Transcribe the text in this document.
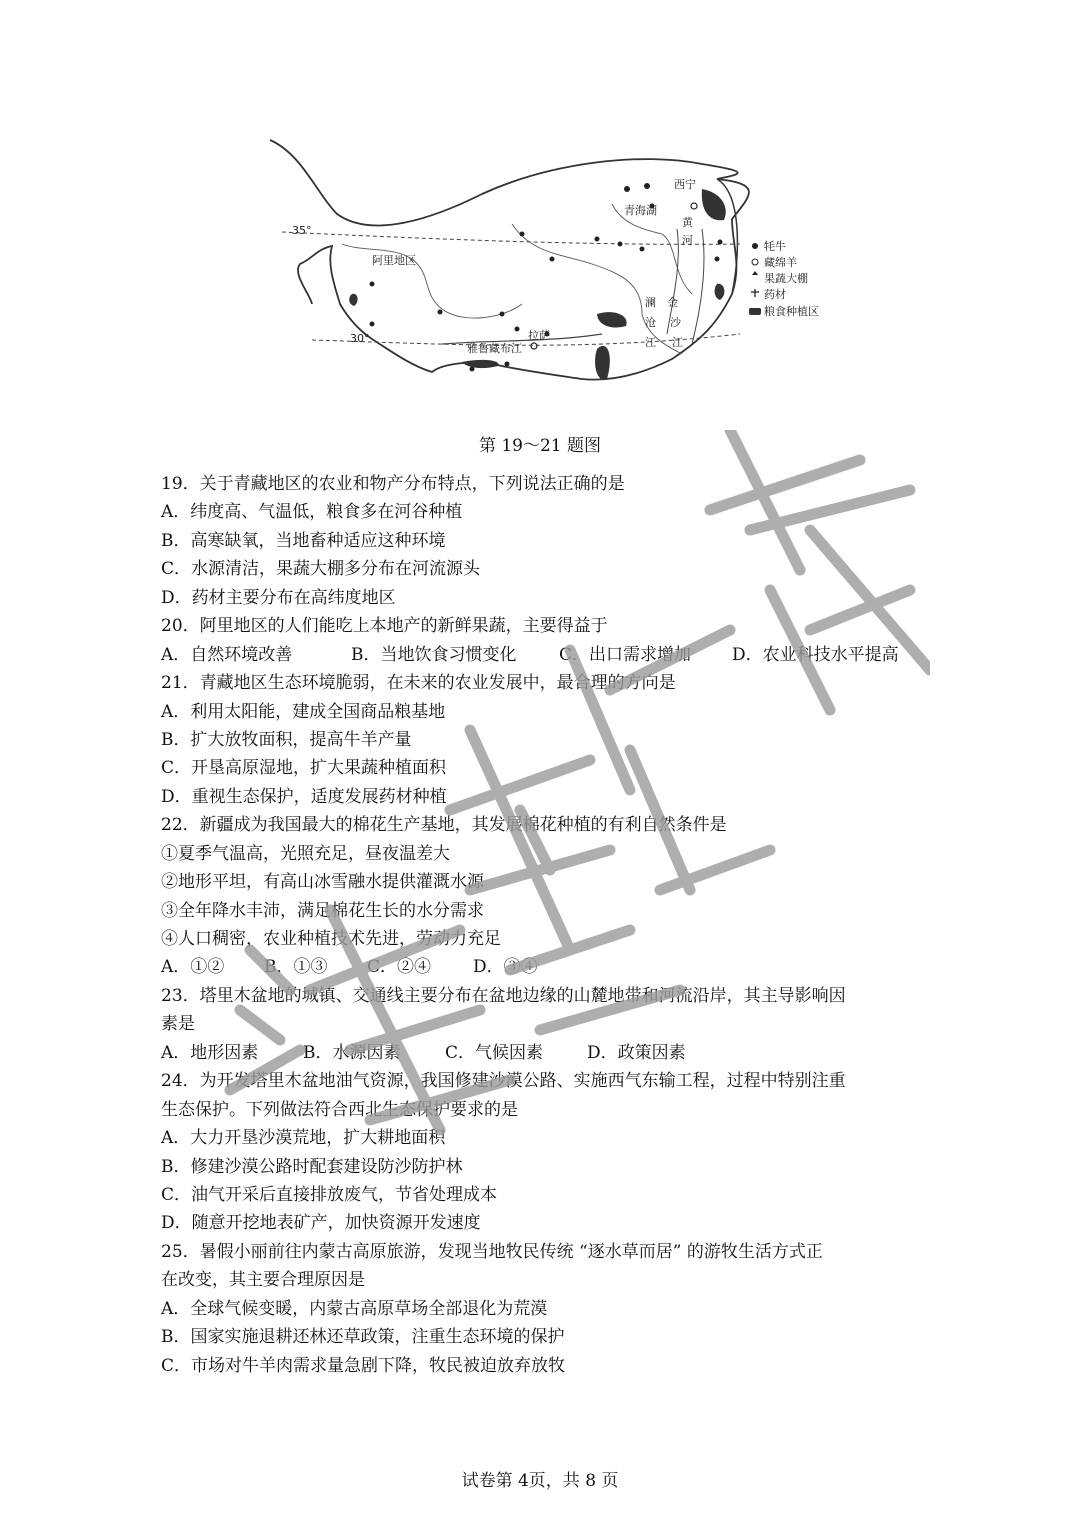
西宁
青海湖
黄
河
阿里地区
拉萨
雅鲁藏布江
澜
沧
江
金
沙
江
35°
30°
牦牛
藏绵羊
果蔬大棚
药材
粮食种植区
第 19～21 题图
19．关于青藏地区的农业和物产分布特点，下列说法正确的是
A．纬度高、气温低，粮食多在河谷种植
B．高寒缺氧，当地畜种适应这种环境
C．水源清洁，果蔬大棚多分布在河流源头
D．药材主要分布在高纬度地区
20．阿里地区的人们能吃上本地产的新鲜果蔬，主要得益于
A．自然环境改善	B．当地饮食习惯变化	C．出口需求增加 D．农业科技水平提高
21．青藏地区生态环境脆弱，在未来的农业发展中，最合理的方向是
A．利用太阳能，建成全国商品粮基地
B．扩大放牧面积，提高牛羊产量
C．开垦高原湿地，扩大果蔬种植面积
D．重视生态保护，适度发展药材种植
22．新疆成为我国最大的棉花生产基地，其发展棉花种植的有利自然条件是
①夏季气温高，光照充足，昼夜温差大
②地形平坦，有高山冰雪融水提供灌溉水源
③全年降水丰沛，满足棉花生长的水分需求
④人口稠密，农业种植技术先进，劳动力充足
A．①② B．①③ C．②④ D．③④
23．塔里木盆地的城镇、交通线主要分布在盆地边缘的山麓地带和河流沿岸，其主导影响因
素是
A．地形因素	B．水源因素	C．气候因素	D．政策因素
24．为开发塔里木盆地油气资源，我国修建沙漠公路、实施西气东输工程，过程中特别注重
生态保护。下列做法符合西北生态保护要求的是
A．大力开垦沙漠荒地，扩大耕地面积
B．修建沙漠公路时配套建设防沙防护林
C．油气开采后直接排放废气，节省处理成本
D．随意开挖地表矿产，加快资源开发速度
25．暑假小丽前往内蒙古高原旅游，发现当地牧民传统 “逐水草而居” 的游牧生活方式正
在改变，其主要合理原因是
A．全球气候变暖，内蒙古高原草场全部退化为荒漠
B．国家实施退耕还林还草政策，注重生态环境的保护
C．市场对牛羊肉需求量急剧下降，牧民被迫放弃放牧
试卷第 4页，共 8 页
